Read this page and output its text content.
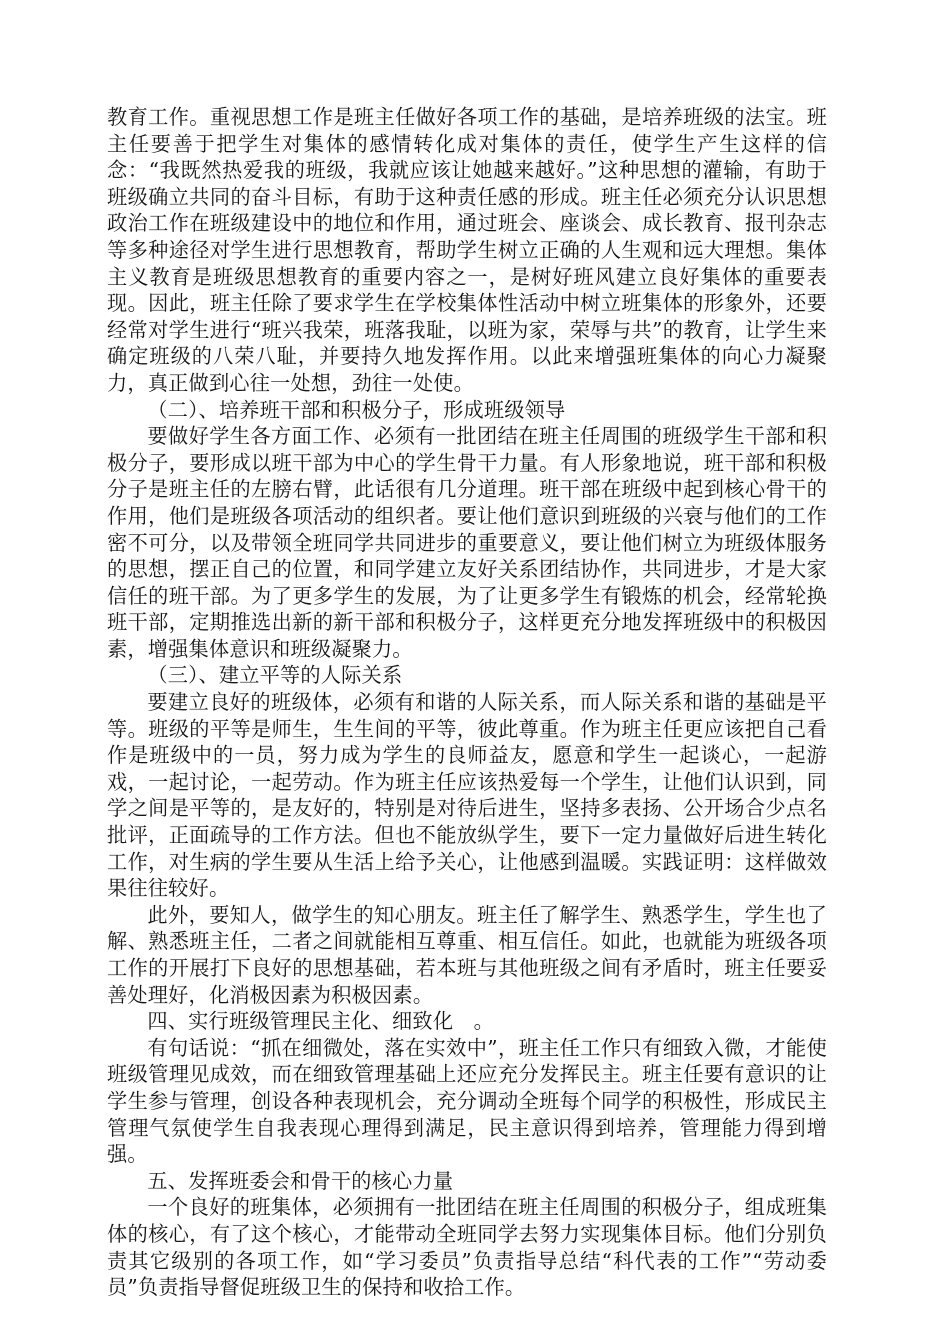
教育工作。重视思想工作是班主任做好各项工作的基础，是培养班级的法宝。班主任要善于把学生对集体的感情转化成对集体的责任，使学生产生这样的信念：“我既然热爱我的班级，我就应该让她越来越好。”这种思想的灌输，有助于班级确立共同的奋斗目标，有助于这种责任感的形成。班主任必须充分认识思想政治工作在班级建设中的地位和作用，通过班会、座谈会、成长教育、报刊杂志等多种途径对学生进行思想教育，帮助学生树立正确的人生观和远大理想。集体主义教育是班级思想教育的重要内容之一，是树好班风建立良好集体的重要表现。因此，班主任除了要求学生在学校集体性活动中树立班集体的形象外，还要经常对学生进行“班兴我荣，班落我耻，以班为家，荣辱与共”的教育，让学生来确定班级的八荣八耻，并要持久地发挥作用。以此来增强班集体的向心力凝聚力，真正做到心往一处想，劲往一处使。

（二）、培养班干部和积极分子，形成班级领导

要做好学生各方面工作、必须有一批团结在班主任周围的班级学生干部和积极分子，要形成以班干部为中心的学生骨干力量。有人形象地说，班干部和积极分子是班主任的左膀右臂，此话很有几分道理。班干部在班级中起到核心骨干的作用，他们是班级各项活动的组织者。要让他们意识到班级的兴衰与他们的工作密不可分，以及带领全班同学共同进步的重要意义，要让他们树立为班级体服务的思想，摆正自己的位置，和同学建立友好关系团结协作，共同进步，才是大家信任的班干部。为了更多学生的发展，为了让更多学生有锻炼的机会，经常轮换班干部，定期推选出新的新干部和积极分子，这样更充分地发挥班级中的积极因素，增强集体意识和班级凝聚力。

（三）、建立平等的人际关系

要建立良好的班级体，必须有和谐的人际关系，而人际关系和谐的基础是平等。班级的平等是师生，生生间的平等，彼此尊重。作为班主任更应该把自己看作是班级中的一员，努力成为学生的良师益友，愿意和学生一起谈心，一起游戏，一起讨论，一起劳动。作为班主任应该热爱每一个学生，让他们认识到，同学之间是平等的，是友好的，特别是对待后进生，坚持多表扬、公开场合少点名批评，正面疏导的工作方法。但也不能放纵学生，要下一定力量做好后进生转化工作，对生病的学生要从生活上给予关心，让他感到温暖。实践证明：这样做效果往往较好。

此外，要知人，做学生的知心朋友。班主任了解学生、熟悉学生，学生也了解、熟悉班主任，二者之间就能相互尊重、相互信任。如此，也就能为班级各项工作的开展打下良好的思想基础，若本班与其他班级之间有矛盾时，班主任要妥善处理好，化消极因素为积极因素。

四、实行班级管理民主化、细致化　。

有句话说：“抓在细微处，落在实效中”，班主任工作只有细致入微，才能使班级管理见成效，而在细致管理基础上还应充分发挥民主。班主任要有意识的让学生参与管理，创设各种表现机会，充分调动全班每个同学的积极性，形成民主管理气氛使学生自我表现心理得到满足，民主意识得到培养，管理能力得到增强。

五、发挥班委会和骨干的核心力量

一个良好的班集体，必须拥有一批团结在班主任周围的积极分子，组成班集体的核心，有了这个核心，才能带动全班同学去努力实现集体目标。他们分别负责其它级别的各项工作，如“学习委员”负责指导总结“科代表的工作”“劳动委员”负责指导督促班级卫生的保持和收拾工作。
